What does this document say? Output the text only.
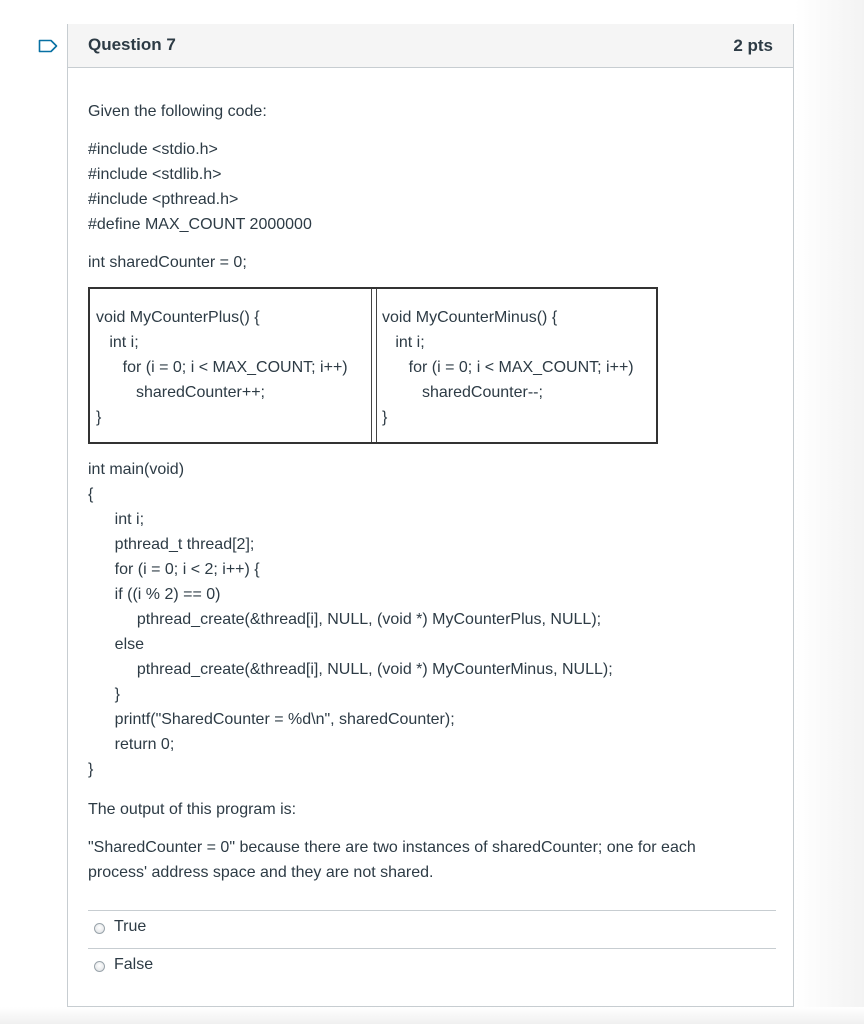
Question 7	2 pts
Given the following code:
#include <stdio.h>
#include <stdlib.h>
#include <pthread.h>
#define MAX_COUNT 2000000
int sharedCounter = 0;
void MyCounterPlus() {
int i;
for (i = 0; i < MAX_COUNT; i++)
sharedCounter++;
}
void MyCounterMinus() {
int i;
for (i = 0; i < MAX_COUNT; i++)
sharedCounter--;
}
int main(void)
{
int i;
pthread_t thread[2];
for (i = 0; i < 2; i++) {
if ((i % 2) == 0)
pthread_create(&thread[i], NULL, (void *) MyCounterPlus, NULL);
else
pthread_create(&thread[i], NULL, (void *) MyCounterMinus, NULL);
}
printf("SharedCounter = %d\n", sharedCounter);
return 0;
}
The output of this program is:
"SharedCounter = 0" because there are two instances of sharedCounter; one for each
process' address space and they are not shared.
True
False
